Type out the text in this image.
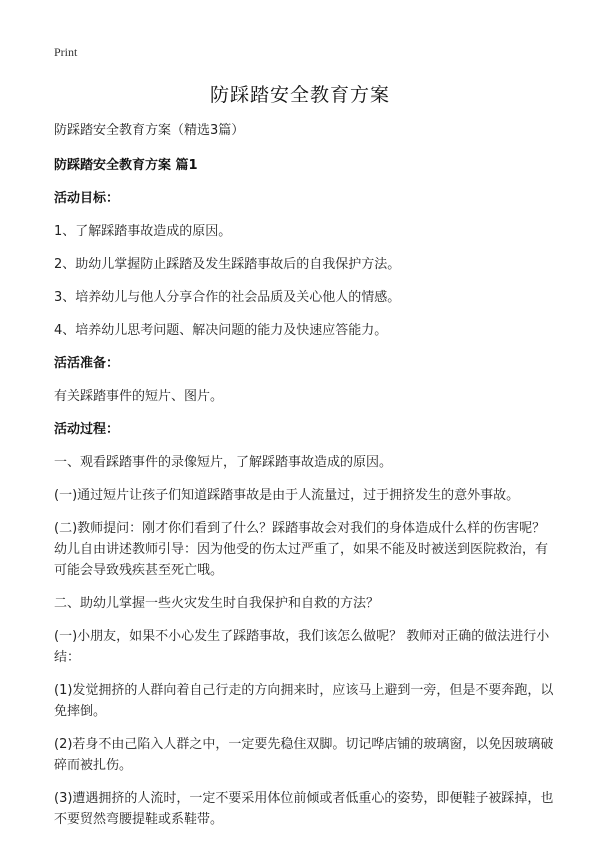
Print
防踩踏安全教育方案

防踩踏安全教育方案（精选3篇）

防踩踏安全教育方案 篇1

活动目标：

1、了解踩踏事故造成的原因。

2、助幼儿掌握防止踩踏及发生踩踏事故后的自我保护方法。

3、培养幼儿与他人分享合作的社会品质及关心他人的情感。

4、培养幼儿思考问题、解决问题的能力及快速应答能力。

活活准备：

有关踩踏事件的短片、图片。

活动过程：

一、观看踩踏事件的录像短片，了解踩踏事故造成的原因。

(一)通过短片让孩子们知道踩踏事故是由于人流量过，过于拥挤发生的意外事故。

(二)教师提问：刚才你们看到了什么？踩踏事故会对我们的身体造成什么样的伤害呢？幼儿自由讲述教师引导：因为他受的伤太过严重了，如果不能及时被送到医院救治，有可能会导致残疾甚至死亡哦。

二、助幼儿掌握一些火灾发生时自我保护和自救的方法？

(一)小朋友，如果不小心发生了踩踏事故，我们该怎么做呢？ 教师对正确的做法进行小结：

(1)发觉拥挤的人群向着自己行走的方向拥来时，应该马上避到一旁，但是不要奔跑，以免摔倒。

(2)若身不由己陷入人群之中，一定要先稳住双脚。切记哗店铺的玻璃窗，以免因玻璃破碎而被扎伤。

(3)遭遇拥挤的人流时，一定不要采用体位前倾或者低重心的姿势，即便鞋子被踩掉，也不要贸然弯腰提鞋或系鞋带。
